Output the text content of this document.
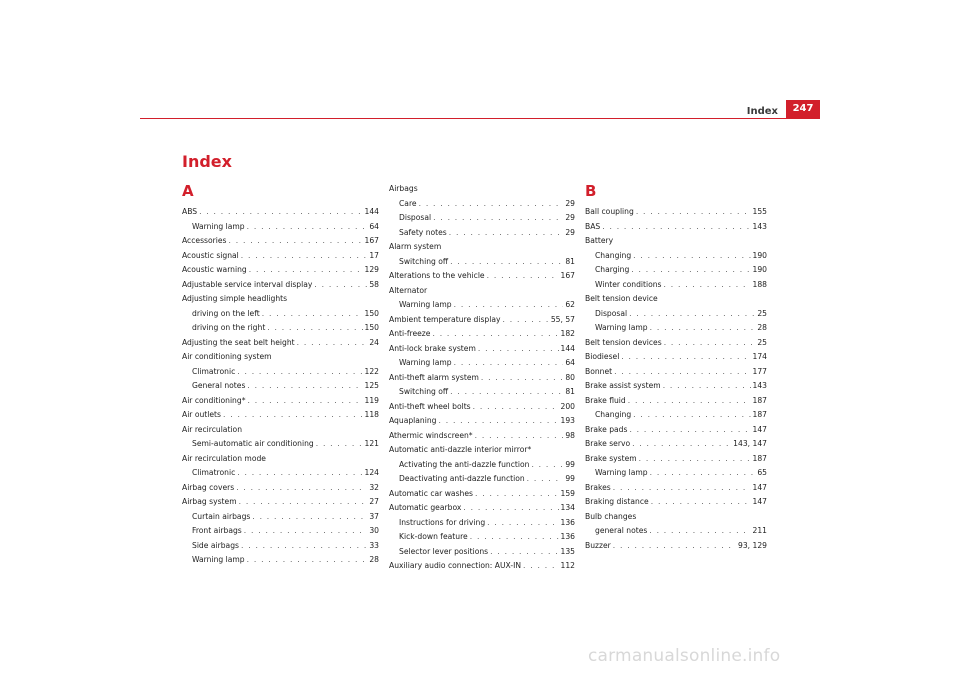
Index	247
Index
A
ABS . . .	144
Warning lamp . . .	64
Accessories . . .	167
Acoustic signal . . .	17
Acoustic warning . . .	129
Adjustable service interval display . . .	58
Adjusting simple headlights
driving on the left . . .	150
driving on the right . . .	150
Adjusting the seat belt height . . .	24
Air conditioning system
Climatronic . . .	122
General notes . . .	125
Air conditioning* . . .	119
Air outlets . . .	118
Air recirculation
Semi-automatic air conditioning . . .	121
Air recirculation mode
Climatronic . . .	124
Airbag covers . . .	32
Airbag system . . .	27
Curtain airbags . . .	37
Front airbags . . .	30
Side airbags . . .	33
Warning lamp . . .	28
Airbags
Care . . .	29
Disposal . . .	29
Safety notes . . .	29
Alarm system
Switching off . . .	81
Alterations to the vehicle . . .	167
Alternator
Warning lamp . . .	62
Ambient temperature display . . .	55, 57
Anti-freeze . . .	182
Anti-lock brake system . . .	144
Warning lamp . . .	64
Anti-theft alarm system . . .	80
Switching off . . .	81
Anti-theft wheel bolts . . .	200
Aquaplaning . . .	193
Athermic windscreen* . . .	98
Automatic anti-dazzle interior mirror*
Activating the anti-dazzle function . . .	99
Deactivating anti-dazzle function . . .	99
Automatic car washes . . .	159
Automatic gearbox . . .	134
Instructions for driving . . .	136
Kick-down feature . . .	136
Selector lever positions . . .	135
Auxiliary audio connection: AUX-IN . . .	112
B
Ball coupling . . .	155
BAS . . .	143
Battery
Changing . . .	190
Charging . . .	190
Winter conditions . . .	188
Belt tension device
Disposal . . .	25
Warning lamp . . .	28
Belt tension devices . . .	25
Biodiesel . . .	174
Bonnet . . .	177
Brake assist system . . .	143
Brake fluid . . .	187
Changing . . .	187
Brake pads . . .	147
Brake servo . . .	143, 147
Brake system . . .	187
Warning lamp . . .	65
Brakes . . .	147
Braking distance . . .	147
Bulb changes
general notes . . .	211
Buzzer . . .	93, 129
carmanualsonline.info
